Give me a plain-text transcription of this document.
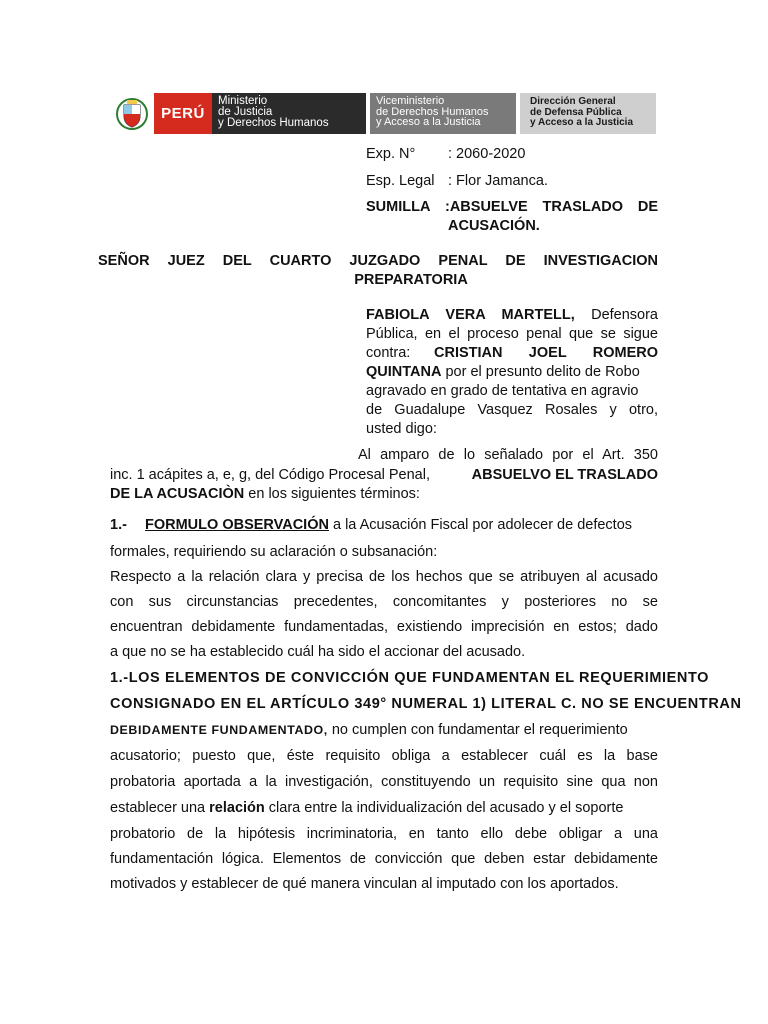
PERÚ
Ministerio
de Justicia
y Derechos Humanos
Viceministerio
de Derechos Humanos
y Acceso a la Justicia
Dirección General
de Defensa Pública
y Acceso a la Justicia
Exp. N° : 2060-2020
Esp. Legal : Flor Jamanca.
SUMILLA :ABSUELVE TRASLADO DE
ACUSACIÓN.
SEÑOR JUEZ DEL CUARTO JUZGADO PENAL DE INVESTIGACION
PREPARATORIA
FABIOLA VERA MARTELL, Defensora
Pública, en el proceso penal que se sigue
contra: CRISTIAN JOEL ROMERO
QUINTANA por el presunto delito de Robo
agravado en grado de tentativa en agravio
de Guadalupe Vasquez Rosales y otro,
usted digo:
Al amparo de lo señalado por el Art. 350
inc. 1 acápites a, e, g, del Código Procesal Penal,	ABSUELVO EL TRASLADO
DE LA ACUSACIÒN en los siguientes términos:
1.- FORMULO OBSERVACIÓN a la Acusación Fiscal por adolecer de defectos
formales, requiriendo su aclaración o subsanación:
Respecto a la relación clara y precisa de los hechos que se atribuyen al acusado
con sus circunstancias precedentes, concomitantes y posteriores no se
encuentran debidamente fundamentadas, existiendo imprecisión en estos; dado
a que no se ha establecido cuál ha sido el accionar del acusado.
1.-LOS ELEMENTOS DE CONVICCIÓN QUE FUNDAMENTAN EL REQUERIMIENTO
CONSIGNADO EN EL ARTÍCULO 349° NUMERAL 1) LITERAL C. NO SE ENCUENTRAN
DEBIDAMENTE FUNDAMENTADO, no cumplen con fundamentar el requerimiento
acusatorio; puesto que, éste requisito obliga a establecer cuál es la base
probatoria aportada a la investigación, constituyendo un requisito sine qua non
establecer una relación clara entre la individualización del acusado y el soporte
probatorio de la hipótesis incriminatoria, en tanto ello debe obligar a una
fundamentación lógica. Elementos de convicción que deben estar debidamente
motivados y establecer de qué manera vinculan al imputado con los aportados.
